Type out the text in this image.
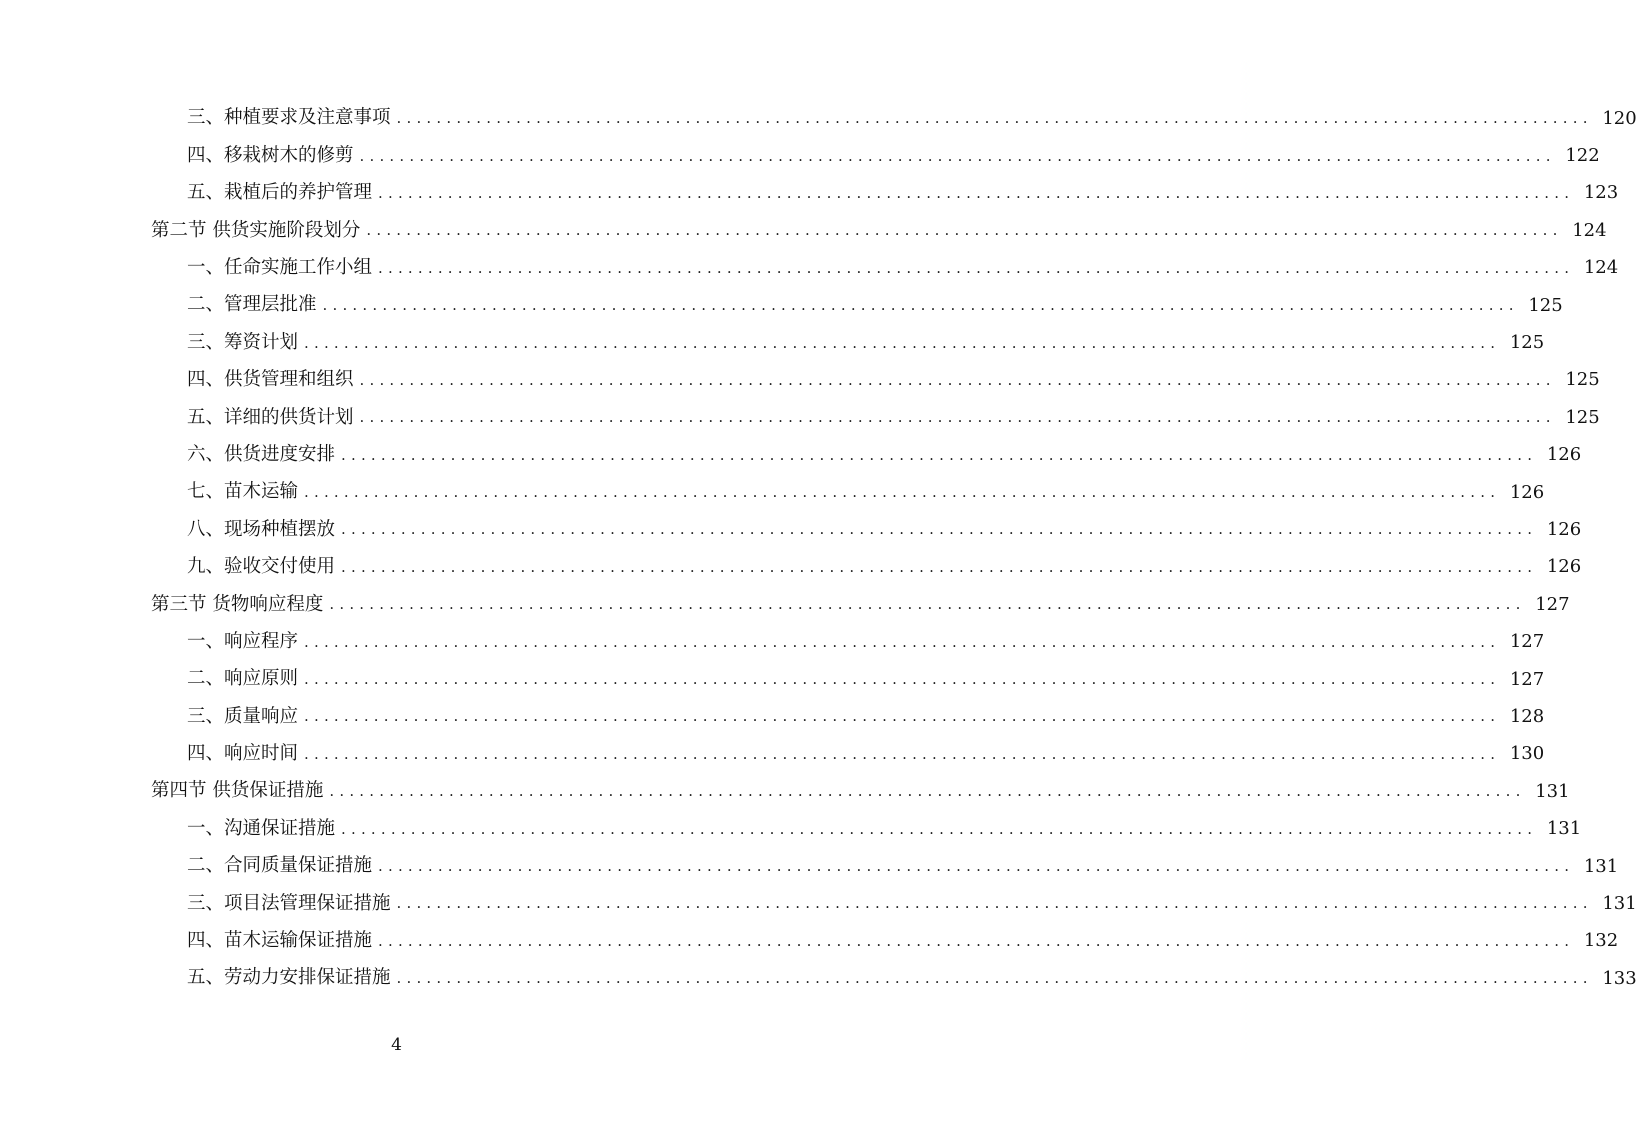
三、种植要求及注意事项 ........................................................................................................................ 120
四、移栽树木的修剪 ........................................................................................................................ 122
五、栽植后的养护管理 ........................................................................................................................ 123
第二节 供货实施阶段划分 ........................................................................................................................ 124
一、任命实施工作小组 ........................................................................................................................ 124
二、管理层批准 ........................................................................................................................ 125
三、筹资计划 ........................................................................................................................ 125
四、供货管理和组织 ........................................................................................................................ 125
五、详细的供货计划 ........................................................................................................................ 125
六、供货进度安排 ........................................................................................................................ 126
七、苗木运输 ........................................................................................................................ 126
八、现场种植摆放 ........................................................................................................................ 126
九、验收交付使用 ........................................................................................................................ 126
第三节 货物响应程度 ........................................................................................................................ 127
一、响应程序 ........................................................................................................................ 127
二、响应原则 ........................................................................................................................ 127
三、质量响应 ........................................................................................................................ 128
四、响应时间 ........................................................................................................................ 130
第四节 供货保证措施 ........................................................................................................................ 131
一、沟通保证措施 ........................................................................................................................ 131
二、合同质量保证措施 ........................................................................................................................ 131
三、项目法管理保证措施 ........................................................................................................................ 131
四、苗木运输保证措施 ........................................................................................................................ 132
五、劳动力安排保证措施 ........................................................................................................................ 133
4
